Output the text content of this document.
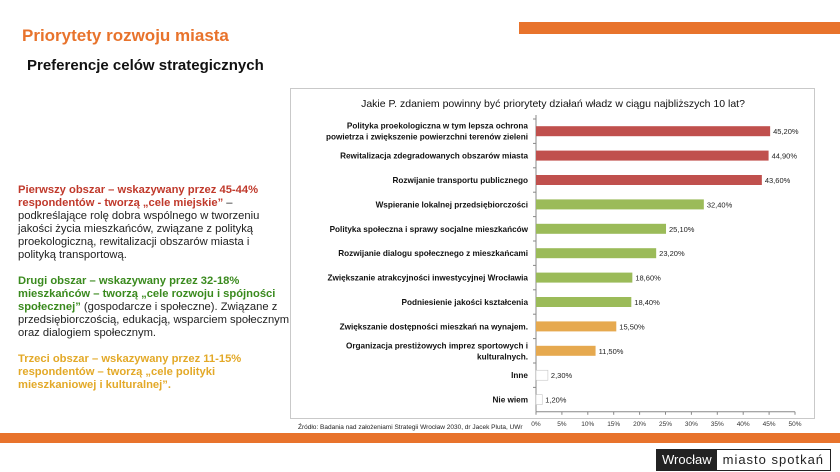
Priorytety rozwoju miasta
Preferencje celów strategicznych

Pierwszy obszar – wskazywany przez 45-44% respondentów - tworzą „cele miejskie” – podkreślające rolę dobra wspólnego w tworzeniu jakości życia mieszkańców, związane z polityką proekologiczną, rewitalizacji obszarów miasta i polityką transportową.

Drugi obszar – wskazywany przez 32-18% mieszkańców – tworzą „cele rozwoju i spójności społecznej” (gospodarcze i społeczne). Związane z przedsiębiorczością, edukacją, wsparciem społecznym oraz dialogiem społecznym.

Trzeci obszar – wskazywany przez 11-15% respondentów – tworzą „cele polityki mieszkaniowej i kulturalnej”.

Jakie P. zdaniem powinny być priorytety działań władz w ciągu najbliższych 10 lat?
0%	5% 10% 15% 20% 25% 30% 35% 40% 45% 50%
45,20%
Polityka proekologiczna w tym lepsza ochrona
powietrza i zwiększenie powierzchni terenów zieleni
44,90%
Rewitalizacja zdegradowanych obszarów miasta
43,60%
Rozwijanie transportu publicznego
32,40%
Wspieranie lokalnej przedsiębiorczości
25,10%
Polityka społeczna i sprawy socjalne mieszkańców
23,20%
Rozwijanie dialogu społecznego z mieszkańcami
18,60%
Zwiększanie atrakcyjności inwestycyjnej Wrocławia
18,40%
Podniesienie jakości kształcenia
15,50%
Zwiększanie dostępności mieszkań na wynajem.
11,50%
Organizacja prestiżowych imprez sportowych i
kulturalnych.
2,30%
Inne
1,20%
Nie wiem
Źródło: Badania nad założeniami Strategii Wrocław 2030, dr Jacek Pluta, UWr
Wrocław miasto spotkań
